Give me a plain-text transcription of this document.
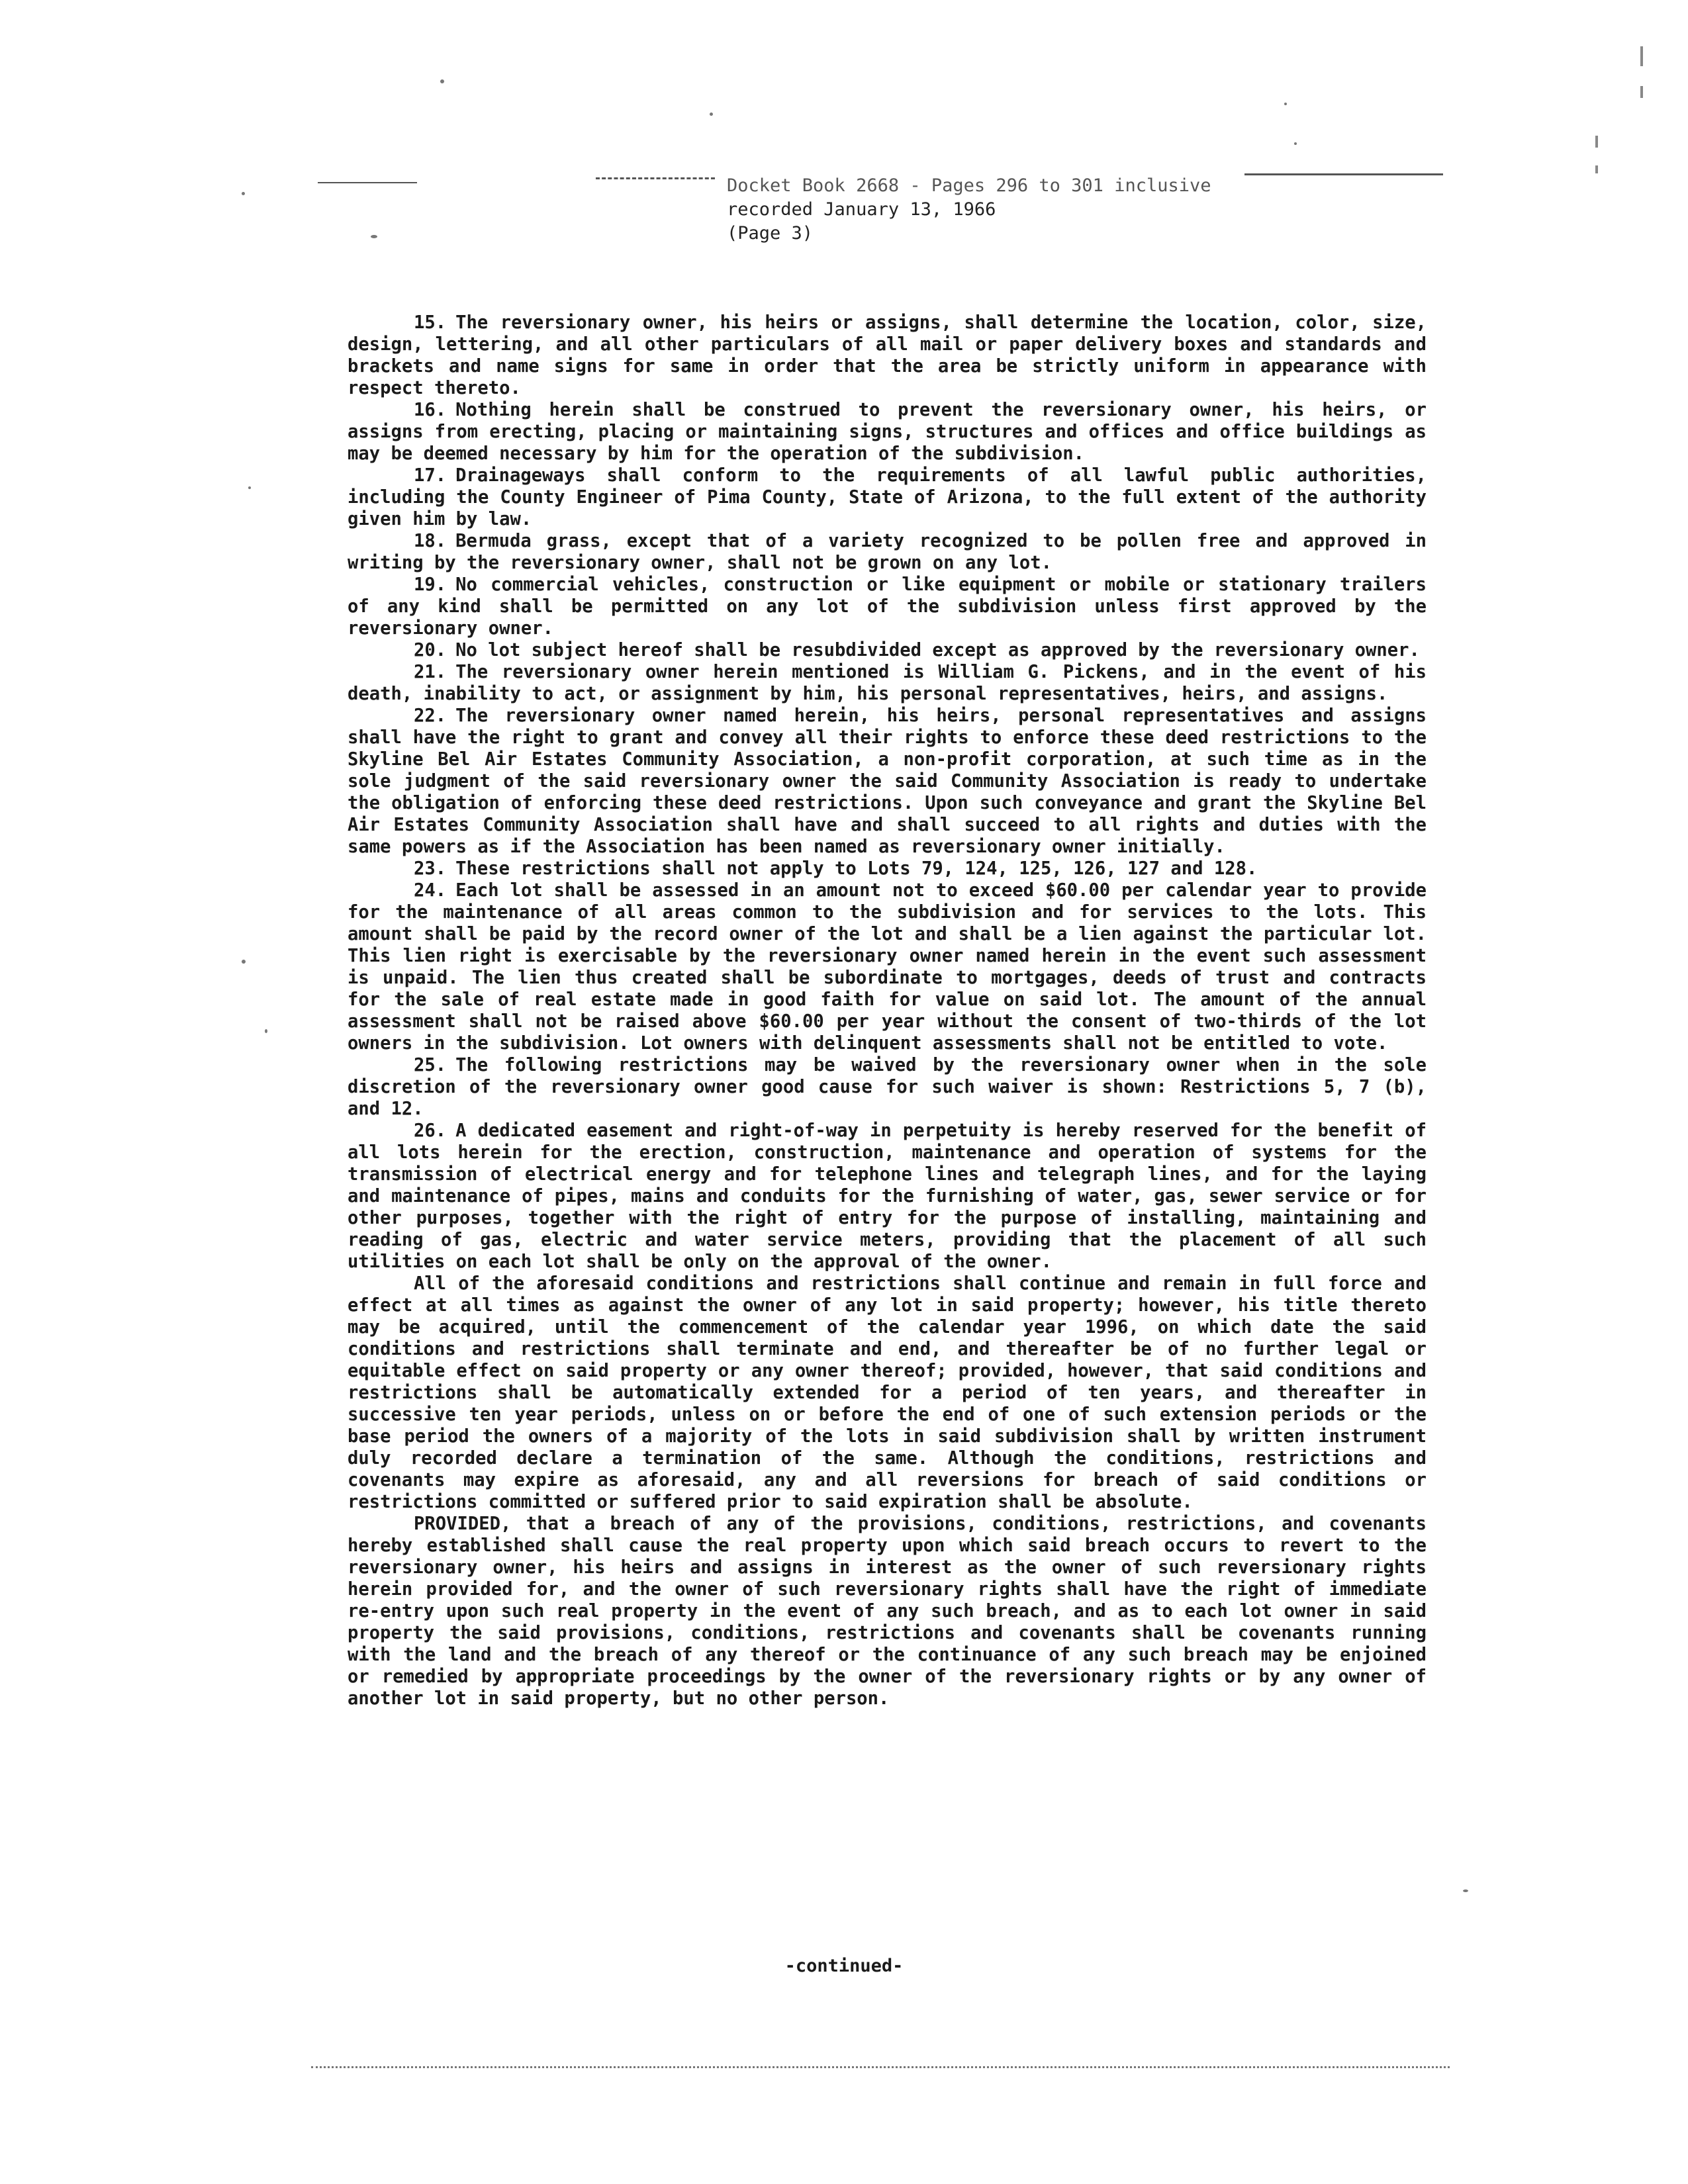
Docket Book 2668 - Pages 296 to 301 inclusive
recorded January 13, 1966
(Page 3)

15. The reversionary owner, his heirs or assigns, shall determine the location, color, size, design, lettering, and all other particulars of all mail or paper delivery boxes and standards and brackets and name signs for same in order that the area be strictly uniform in appearance with respect thereto.

16. Nothing herein shall be construed to prevent the reversionary owner, his heirs, or assigns from erecting, placing or maintaining signs, structures and offices and office buildings as may be deemed necessary by him for the operation of the subdivision.

17. Drainageways shall conform to the requirements of all lawful public authorities, including the County Engineer of Pima County, State of Arizona, to the full extent of the authority given him by law.

18. Bermuda grass, except that of a variety recognized to be pollen free and approved in writing by the reversionary owner, shall not be grown on any lot.

19. No commercial vehicles, construction or like equipment or mobile or stationary trailers of any kind shall be permitted on any lot of the subdivision unless first approved by the reversionary owner.

20. No lot subject hereof shall be resubdivided except as approved by the reversionary owner.

21. The reversionary owner herein mentioned is William G. Pickens, and in the event of his death, inability to act, or assignment by him, his personal representatives, heirs, and assigns.

22. The reversionary owner named herein, his heirs, personal representatives and assigns shall have the right to grant and convey all their rights to enforce these deed restrictions to the Skyline Bel Air Estates Community Association, a non-profit corporation, at such time as in the sole judgment of the said reversionary owner the said Community Association is ready to undertake the obligation of enforcing these deed restrictions. Upon such conveyance and grant the Skyline Bel Air Estates Community Association shall have and shall succeed to all rights and duties with the same powers as if the Association has been named as reversionary owner initially.

23. These restrictions shall not apply to Lots 79, 124, 125, 126, 127 and 128.

24. Each lot shall be assessed in an amount not to exceed $60.00 per calendar year to provide for the maintenance of all areas common to the subdivision and for services to the lots. This amount shall be paid by the record owner of the lot and shall be a lien against the particular lot. This lien right is exercisable by the reversionary owner named herein in the event such assessment is unpaid. The lien thus created shall be subordinate to mortgages, deeds of trust and contracts for the sale of real estate made in good faith for value on said lot. The amount of the annual assessment shall not be raised above $60.00 per year without the consent of two-thirds of the lot owners in the subdivision. Lot owners with delinquent assessments shall not be entitled to vote.

25. The following restrictions may be waived by the reversionary owner when in the sole discretion of the reversionary owner good cause for such waiver is shown: Restrictions 5, 7 (b), and 12.

26. A dedicated easement and right-of-way in perpetuity is hereby reserved for the benefit of all lots herein for the erection, construction, maintenance and operation of systems for the transmission of electrical energy and for telephone lines and telegraph lines, and for the laying and maintenance of pipes, mains and conduits for the furnishing of water, gas, sewer service or for other purposes, together with the right of entry for the purpose of installing, maintaining and reading of gas, electric and water service meters, providing that the placement of all such utilities on each lot shall be only on the approval of the owner.

All of the aforesaid conditions and restrictions shall continue and remain in full force and effect at all times as against the owner of any lot in said property; however, his title thereto may be acquired, until the commencement of the calendar year 1996, on which date the said conditions and restrictions shall terminate and end, and thereafter be of no further legal or equitable effect on said property or any owner thereof; provided, however, that said conditions and restrictions shall be automatically extended for a period of ten years, and thereafter in successive ten year periods, unless on or before the end of one of such extension periods or the base period the owners of a majority of the lots in said subdivision shall by written instrument duly recorded declare a termination of the same. Although the conditions, restrictions and covenants may expire as aforesaid, any and all reversions for breach of said conditions or restrictions committed or suffered prior to said expiration shall be absolute.

PROVIDED, that a breach of any of the provisions, conditions, restrictions, and covenants hereby established shall cause the real property upon which said breach occurs to revert to the reversionary owner, his heirs and assigns in interest as the owner of such reversionary rights herein provided for, and the owner of such reversionary rights shall have the right of immediate re-entry upon such real property in the event of any such breach, and as to each lot owner in said property the said provisions, conditions, restrictions and covenants shall be covenants running with the land and the breach of any thereof or the continuance of any such breach may be enjoined or remedied by appropriate proceedings by the owner of the reversionary rights or by any owner of another lot in said property, but no other person.

-continued-
